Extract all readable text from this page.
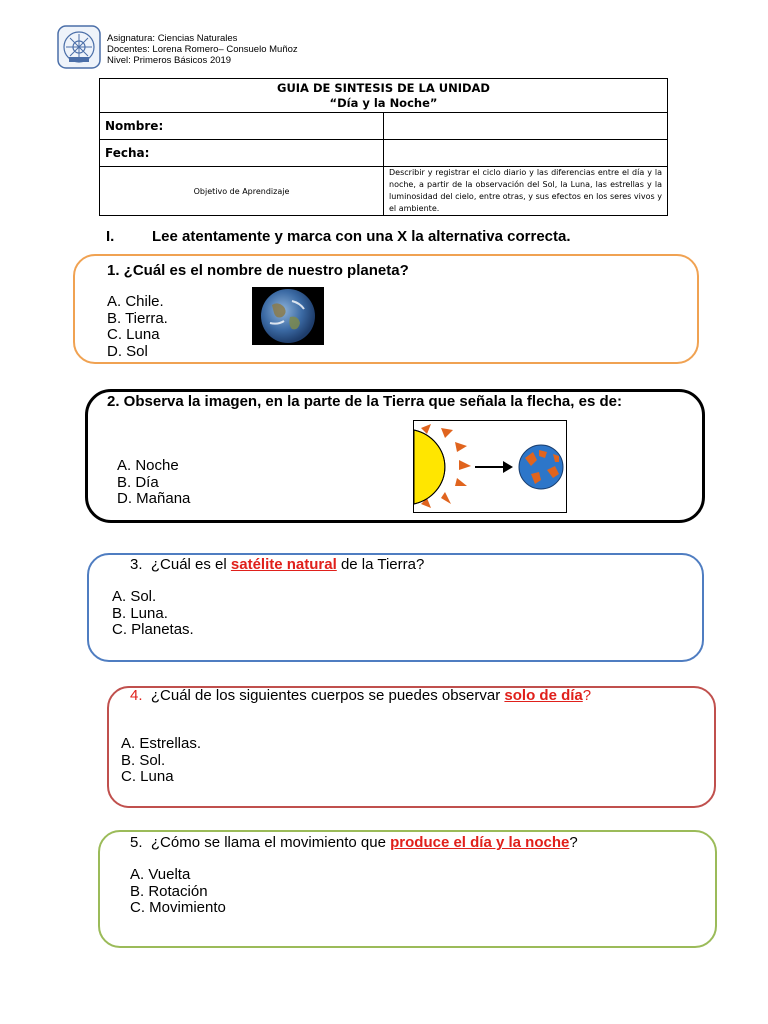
Asignatura: Ciencias Naturales
Docentes: Lorena Romero– Consuelo Muñoz
Nivel: Primeros Básicos 2019
GUIA DE SINTESIS DE LA UNIDAD
“Día y la Noche”	

Nombre:	
Fecha:	
Objetivo de Aprendizaje	Describir y registrar el ciclo diario y las diferencias entre el día y la noche, a partir de la observación del Sol, la Luna, las estrellas y la luminosidad del cielo, entre otras, y sus efectos en los seres vivos y el ambiente.
I.	Lee atentamente y marca con una X la alternativa correcta.
1. ¿Cuál es el nombre de nuestro planeta?
A. Chile.
B. Tierra.
C. Luna
D. Sol
2. Observa la imagen, en la parte de la Tierra que señala la flecha, es de:
A. Noche
B. Día
D. Mañana
3. ¿Cuál es el satélite natural de la Tierra?
A. Sol.
B. Luna.
C. Planetas.
4. ¿Cuál de los siguientes cuerpos se puedes observar solo de día?
A. Estrellas.
B. Sol.
C. Luna
5. ¿Cómo se llama el movimiento que produce el día y la noche?
A. Vuelta
B. Rotación
C. Movimiento
